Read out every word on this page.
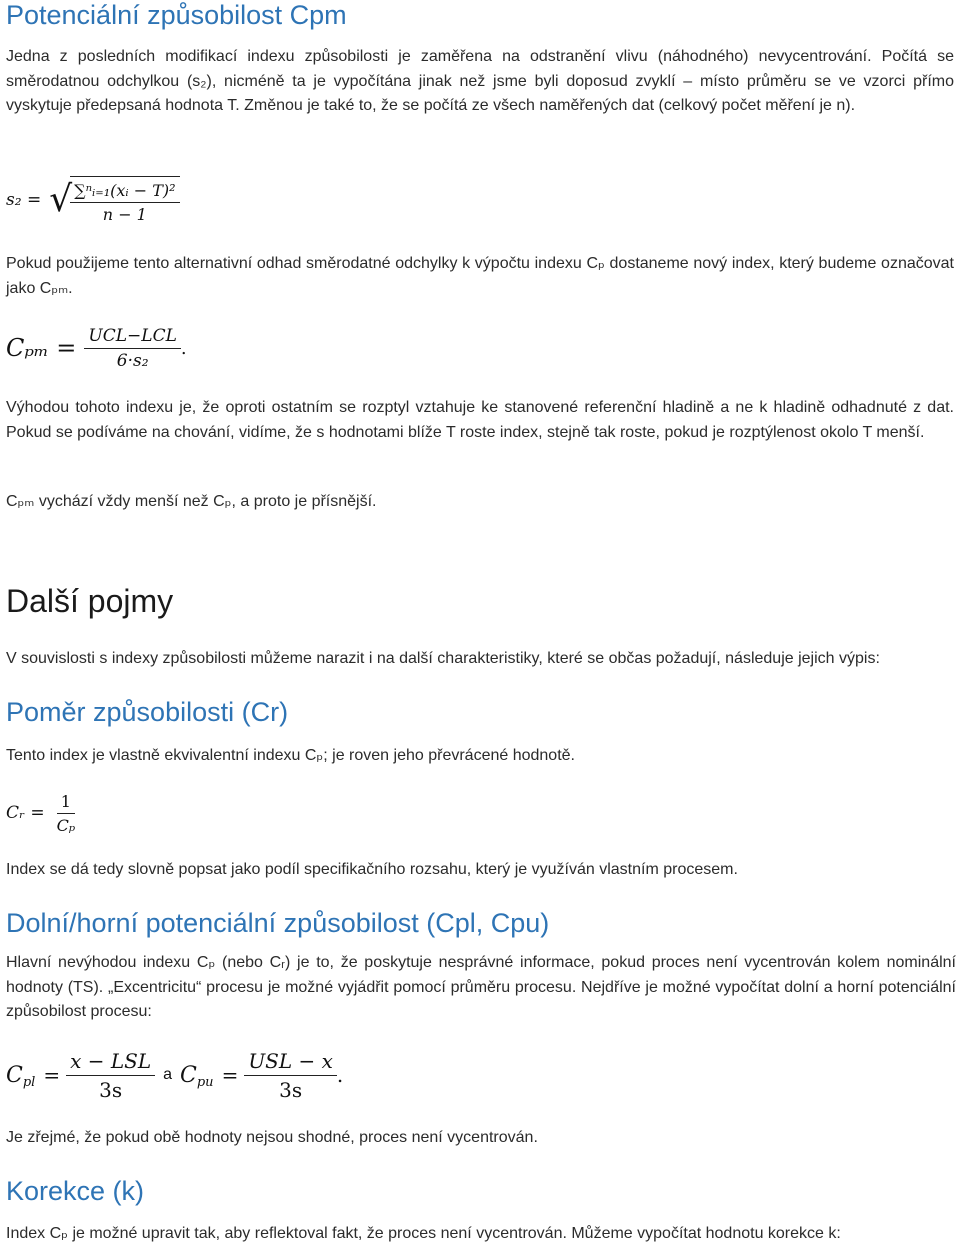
Potenciální způsobilost Cpm

Jedna z posledních modifikací indexu způsobilosti je zaměřena na odstranění vlivu (náhodného) nevycentrování. Počítá se směrodatnou odchylkou (s₂), nicméně ta je vypočítána jinak než jsme byli doposud zvyklí – místo průměru se ve vzorci přímo vyskytuje předepsaná hodnota T. Změnou je také to, že se počítá ze všech naměřených dat (celkový počet měření je n).

s₂ = √
$\frac{\text{∑ⁿᵢ₌₁(xᵢ − T)²}}{n - 1}$

Pokud použijeme tento alternativní odhad směrodatné odchylky k výpočtu indexu Cₚ dostaneme nový index, který budeme označovat jako Cₚₘ.

$C_{pm} = \frac{\text{UCL−LCL}}{\text{6·s₂}}$ .

Výhodou tohoto indexu je, že oproti ostatním se rozptyl vztahuje ke stanovené referenční hladině a ne k hladině odhadnuté z dat. Pokud se podíváme na chování, vidíme, že s hodnotami blíže T roste index, stejně tak roste, pokud je rozptýlenost okolo T menší.

Cₚₘ vychází vždy menší než Cₚ, a proto je přísnější.

Další pojmy

V souvislosti s indexy způsobilosti můžeme narazit i na další charakteristiky, které se občas požadují, následuje jejich výpis:

Poměr způsobilosti (Cr)

Tento index je vlastně ekvivalentní indexu Cₚ; je roven jeho převrácené hodnotě.

Cᵣ = $\frac{1}{\text{Cₚ}}$

Index se dá tedy slovně popsat jako podíl specifikačního rozsahu, který je využíván vlastním procesem.

Dolní/horní potenciální způsobilost (Cpl, Cpu)

Hlavní nevýhodou indexu Cₚ (nebo Cᵣ) je to, že poskytuje nesprávné informace, pokud proces není vycentrován kolem nominální hodnoty (TS). „Excentricitu“ procesu je možné vyjádřit pomocí průměru procesu. Nejdříve je možné vypočítat dolní a horní potenciální způsobilost procesu:

$C_{pl} = \frac{\text{x − LSL}}{3s}$ a $C_{pu} = \frac{\text{USL − x}}{3s}$ .

Je zřejmé, že pokud obě hodnoty nejsou shodné, proces není vycentrován.

Korekce (k)

Index Cₚ je možné upravit tak, aby reflektoval fakt, že proces není vycentrován. Můžeme vypočítat hodnotu korekce k:
